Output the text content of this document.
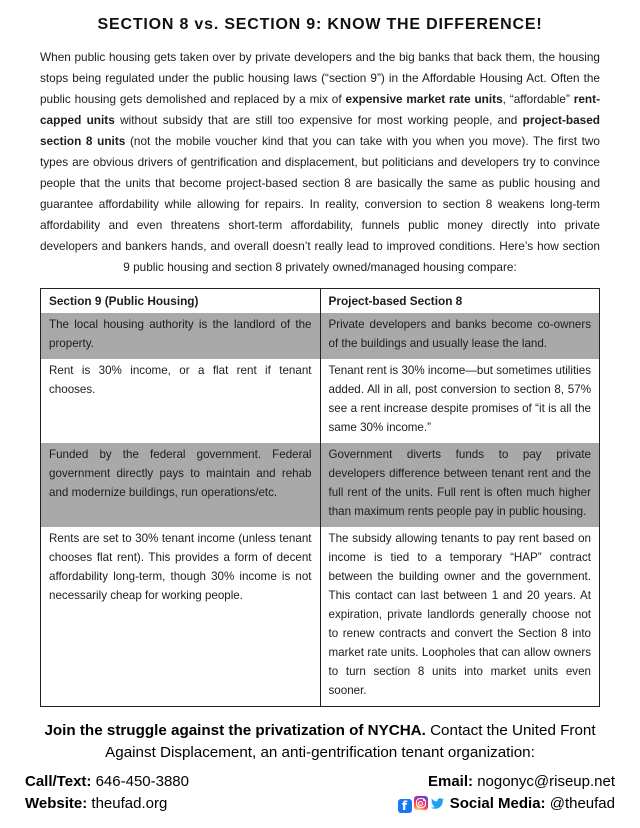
SECTION 8 vs. SECTION 9: KNOW THE DIFFERENCE!

When public housing gets taken over by private developers and the big banks that back them, the housing stops being regulated under the public housing laws (“section 9”) in the Affordable Housing Act. Often the public housing gets demolished and replaced by a mix of expensive market rate units, “affordable” rent-capped units without subsidy that are still too expensive for most working people, and project-based section 8 units (not the mobile voucher kind that you can take with you when you move). The first two types are obvious drivers of gentrification and displacement, but politicians and developers try to convince people that the units that become project-based section 8 are basically the same as public housing and guarantee affordability while allowing for repairs. In reality, conversion to section 8 weakens long-term affordability and even threatens short-term affordability, funnels public money directly into private developers and bankers hands, and overall doesn’t really lead to improved conditions. Here’s how section 9 public housing and section 8 privately owned/managed housing compare:

Section 9 (Public Housing)	Project-based Section 8
The local housing authority is the landlord of the property.	Private developers and banks become co-owners of the buildings and usually lease the land.
Rent is 30% income, or a flat rent if tenant chooses.	Tenant rent is 30% income—but sometimes utilities added. All in all, post conversion to section 8, 57% see a rent increase despite promises of “it is all the same 30% income.”
Funded by the federal government. Federal government directly pays to maintain and rehab and modernize buildings, run operations/etc.	Government diverts funds to pay private developers difference between tenant rent and the full rent of the units. Full rent is often much higher than maximum rents people pay in public housing.
Rents are set to 30% tenant income (unless tenant chooses flat rent). This provides a form of decent affordability long-term, though 30% income is not necessarily cheap for working people.	The subsidy allowing tenants to pay rent based on income is tied to a temporary “HAP” contract between the building owner and the government. This contact can last between 1 and 20 years. At expiration, private landlords generally choose not to renew contracts and convert the Section 8 into market rate units. Loopholes that can allow owners to turn section 8 units into market units even sooner.

Join the struggle against the privatization of NYCHA. Contact the United Front Against Displacement, an anti-gentrification tenant organization:

Call/Text: 646-450-3880
Website: theufad.org
Email: nogonyc@riseup.net
f	Social Media: @theufad
